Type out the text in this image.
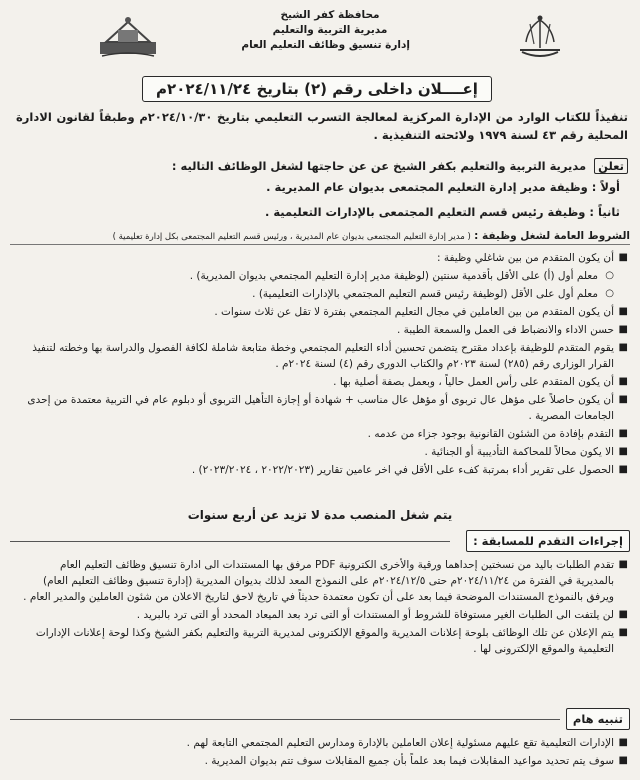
محافظة كفر الشيخ
مديرية التربية والتعليم
إدارة تنسيق وظائف التعليم العام
إعــــلان داخلى رقم (٢) بتاريخ ٢٠٢٤/١١/٢٤م
تنفيذاً للكتاب الوارد من الإدارة المركزية لمعالجة التسرب التعليمي بتاريخ ٢٠٢٤/١٠/٣٠م وطبقاً لقانون الادارة المحلية رقم ٤٣ لسنة ١٩٧٩ ولائحته التنفيذية .
تعلن مديرية التربية والتعليم بكفر الشيخ عن عن حاجتها لشغل الوظائف التاليه :
أولاً : وظيفة مدير إدارة التعليم المجتمعى بديوان عام المديرية .
ثانياً : وظيفة رئيس قسم التعليم المجتمعى بالإدارات التعليمية .
الشروط العامة لشغل وظيفة : ( مدير إدارة التعليم المجتمعى بديوان عام المديرية ، ورئيس قسم التعليم المجتمعى بكل إدارة تعليمية )
■
أن يكون المتقدم من بين شاغلي وظيفة :
○
معلم أول (أ) على الأقل بأقدمية سنتين (لوظيفة مدير إدارة التعليم المجتمعي بديوان المديرية) .
○
معلم أول على الأقل (لوظيفة رئيس قسم التعليم المجتمعي بالإدارات التعليمية) .
■
أن يكون المتقدم من بين العاملين في مجال التعليم المجتمعي بفترة لا تقل عن ثلاث سنوات .
■
حسن الاداء والانضباط فى العمل والسمعة الطيبة .
■
يقوم المتقدم للوظيفة بإعداد مقترح يتضمن تحسين أداء التعليم المجتمعي وخطة متابعة شاملة لكافة الفصول والدراسة بها وخطته لتنفيذ القرار الوزارى رقم (٢٨٥) لسنة ٢٠٢٣م والكتاب الدورى رقم (٤) لسنة ٢٠٢٤م .
■
أن يكون المتقدم على رأس العمل حالياً ، وبعمل بصفة أصلية بها .
■
أن يكون حاصلاً على مؤهل عال تربوى أو مؤهل عال مناسب + شهادة أو إجازة التأهيل التربوى أو دبلوم عام في التربية معتمدة من إحدى الجامعات المصرية .
■
التقدم بإفادة من الشئون القانونية بوجود جزاء من عدمه .
■
الا يكون محالاً للمحاكمة التأديبية أو الجنائية .
■
الحصول على تقرير أداء بمرتبة كفء على الأقل في اخر عامين تقارير (٢٠٢٢/٢٠٢٣ ، ٢٠٢٣/٢٠٢٤) .
يتم شغل المنصب مدة لا تزيد عن أربع سنوات
إجراءات التقدم للمسابقة :
■
تقدم الطلبات باليد من نسختين إحداهما ورقية والأخرى الكترونية PDF مرفق بها المستندات الى ادارة تنسيق وظائف التعليم العام بالمديرية في الفترة من ٢٠٢٤/١١/٢٤م حتى ٢٠٢٤/١٢/٥م على النموذج المعد لذلك بديوان المديرية (إدارة تنسيق وظائف التعليم العام) ويرفق بالنموذج المستندات الموضحة فيما بعد على أن تكون معتمدة حديثاً في تاريخ لاحق لتاريخ الاعلان من شئون العاملين والمدير العام .
■
لن يلتفت الى الطلبات الغير مستوفاة للشروط أو المستندات أو التى ترد بعد الميعاد المحدد أو التى ترد بالبريد .
■
يتم الإعلان عن تلك الوظائف بلوحة إعلانات المديرية والموقع الإلكترونى لمديرية التربية والتعليم بكفر الشيخ وكذا لوحة إعلانات الإدارات التعليمية والموقع الإلكترونى لها .
تنبيه هام
■
الإدارات التعليمية تقع عليهم مسئولية إعلان العاملين بالإدارة ومدارس التعليم المجتمعي التابعة لهم .
■
سوف يتم تحديد مواعيد المقابلات فيما بعد علماً بأن جميع المقابلات سوف تتم بديوان المديرية .
